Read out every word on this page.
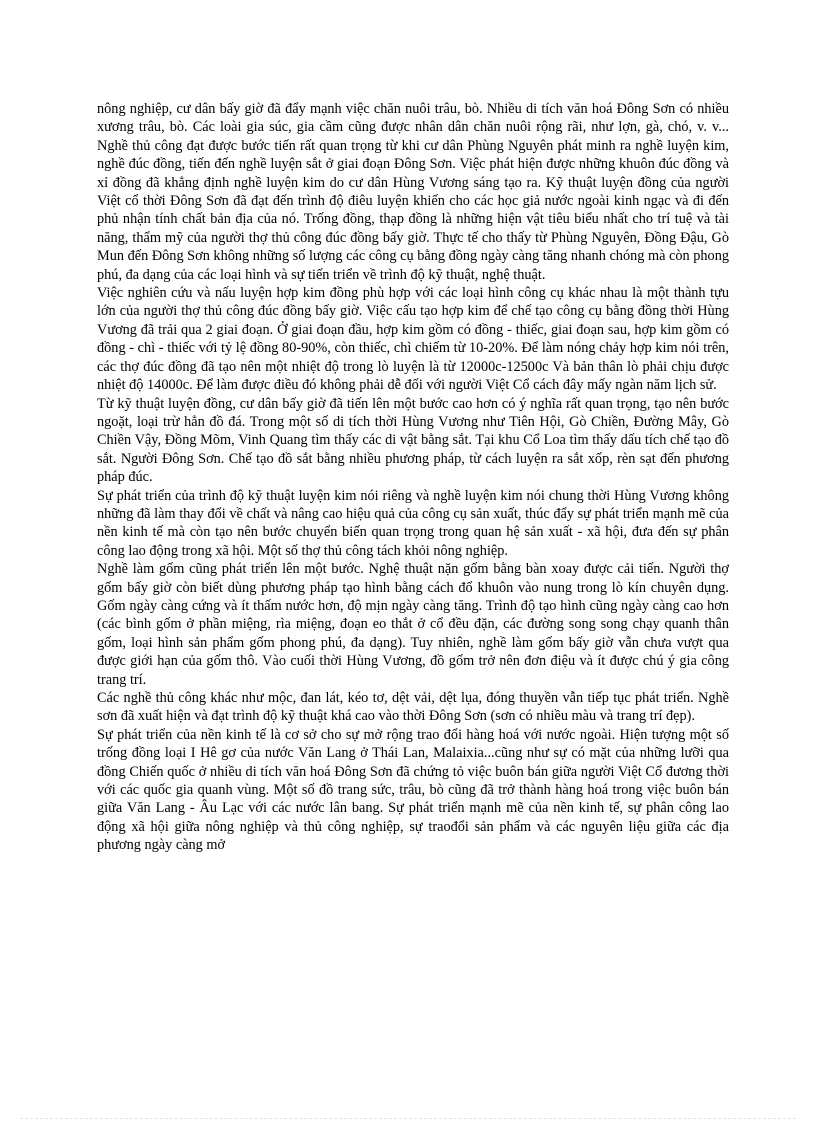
nông nghiệp, cư dân bấy giờ đã đẩy mạnh việc chăn nuôi trâu, bò. Nhiều di tích văn hoá Đông Sơn có nhiều xương trâu, bò. Các loài gia súc, gia cầm cũng được nhân dân chăn nuôi rộng rãi, như lợn, gà, chó, v. v... Nghề thủ công đạt được bước tiến rất quan trọng từ khi cư dân Phùng Nguyên phát minh ra nghề luyện kim, nghề đúc đồng, tiến đến nghề luyện sắt ở giai đoạn Đông Sơn. Việc phát hiện được những khuôn đúc đồng và xỉ đồng đã khẳng định nghề luyện kim do cư dân Hùng Vương sáng tạo ra. Kỹ thuật luyện đồng của người Việt cổ thời Đông Sơn đã đạt đến trình độ điêu luyện khiến cho các học giả nước ngoài kinh ngạc và đi đến phủ nhận tính chất bản địa của nó. Trống đồng, thạp đồng là những hiện vật tiêu biểu nhất cho trí tuệ và tài năng, thẩm mỹ của người thợ thủ công đúc đồng bấy giờ. Thực tế cho thấy từ Phùng Nguyên, Đồng Đậu, Gò Mun đến Đông Sơn không những số lượng các công cụ bằng đồng ngày càng tăng nhanh chóng mà còn phong phú, đa dạng của các loại hình và sự tiến triển về trình độ kỹ thuật, nghệ thuật.

Việc nghiên cứu và nấu luyện hợp kim đồng phù hợp với các loại hình công cụ khác nhau là một thành tựu lớn của người thợ thủ công đúc đồng bấy giờ. Việc cấu tạo hợp kim để chế tạo công cụ bằng đồng thời Hùng Vương đã trải qua 2 giai đoạn. Ở giai đoạn đầu, hợp kim gồm có đồng - thiếc, giai đoạn sau, hợp kim gồm có đồng - chì - thiếc với tỷ lệ đồng 80-90%, còn thiếc, chì chiếm từ 10-20%. Để làm nóng chảy hợp kim nói trên, các thợ đúc đồng đã tạo nên một nhiệt độ trong lò luyện là từ 12000c-12500c Và bản thân lò phải chịu được nhiệt độ 14000c. Để làm được điều đó không phải dễ đối với người Việt Cổ cách đây mấy ngàn năm lịch sử.

Từ kỹ thuật luyện đồng, cư dân bấy giờ đã tiến lên một bước cao hơn có ý nghĩa rất quan trọng, tạo nên bước ngoặt, loại trừ hẳn đồ đá. Trong một số di tích thời Hùng Vương như Tiên Hội, Gò Chiền, Đường Mây, Gò Chiền Vậy, Đồng Mõm, Vinh Quang tìm thấy các di vật bằng sắt. Tại khu Cổ Loa tìm thấy dấu tích chế tạo đồ sắt. Người Đông Sơn. Chế tạo đồ sắt bằng nhiều phương pháp, từ cách luyện ra sắt xốp, rèn sạt đến phương pháp đúc.

Sự phát triển của trình độ kỹ thuật luyện kim nói riêng và nghề luyện kim nói chung thời Hùng Vương không những đã làm thay đổi về chất và nâng cao hiệu quả của công cụ sản xuất, thúc đẩy sự phát triển mạnh mẽ của nền kinh tế mà còn tạo nên bước chuyển biến quan trọng trong quan hệ sản xuất - xã hội, đưa đến sự phân công lao động trong xã hội. Một số thợ thủ công tách khỏi nông nghiệp.

Nghề làm gốm cũng phát triển lên một bước. Nghệ thuật nặn gốm bằng bàn xoay được cải tiến. Người thợ gốm bấy giờ còn biết dùng phương pháp tạo hình bằng cách đổ khuôn vào nung trong lò kín chuyên dụng. Gốm ngày càng cứng và ít thấm nước hơn, độ mịn ngày càng tăng. Trình độ tạo hình cũng ngày càng cao hơn (các bình gốm ở phần miệng, rìa miệng, đoạn eo thắt ở cổ đều đặn, các đường song song chạy quanh thân gốm, loại hình sản phẩm gốm phong phú, đa dạng). Tuy nhiên, nghề làm gốm bấy giờ vẫn chưa vượt qua được giới hạn của gốm thô. Vào cuối thời Hùng Vương, đồ gốm trở nên đơn điệu và ít được chú ý gia công trang trí.

Các nghề thủ công khác như mộc, đan lát, kéo tơ, dệt vải, dệt lụa, đóng thuyền vẫn tiếp tục phát triển. Nghề sơn đã xuất hiện và đạt trình độ kỹ thuật khá cao vào thời Đông Sơn (sơn có nhiều màu và trang trí đẹp).

Sự phát triển của nền kinh tế là cơ sở cho sự mở rộng trao đổi hàng hoá với nước ngoài. Hiện tượng một số trống đồng loại I Hê gơ của nước Văn Lang ở Thái Lan, Malaixia...cũng như sự có mặt của những lưỡi qua đồng Chiến quốc ở nhiều di tích văn hoá Đông Sơn đã chứng tỏ việc buôn bán giữa người Việt Cổ đương thời với các quốc gia quanh vùng. Một số đồ trang sức, trâu, bò cũng đã trở thành hàng hoá trong việc buôn bán giữa Văn Lang - Âu Lạc với các nước lân bang. Sự phát triển mạnh mẽ của nền kinh tế, sự phân công lao động xã hội giữa nông nghiệp và thủ công nghiệp, sự traođổi sản phẩm và các nguyên liệu giữa các địa phương ngày càng mở
